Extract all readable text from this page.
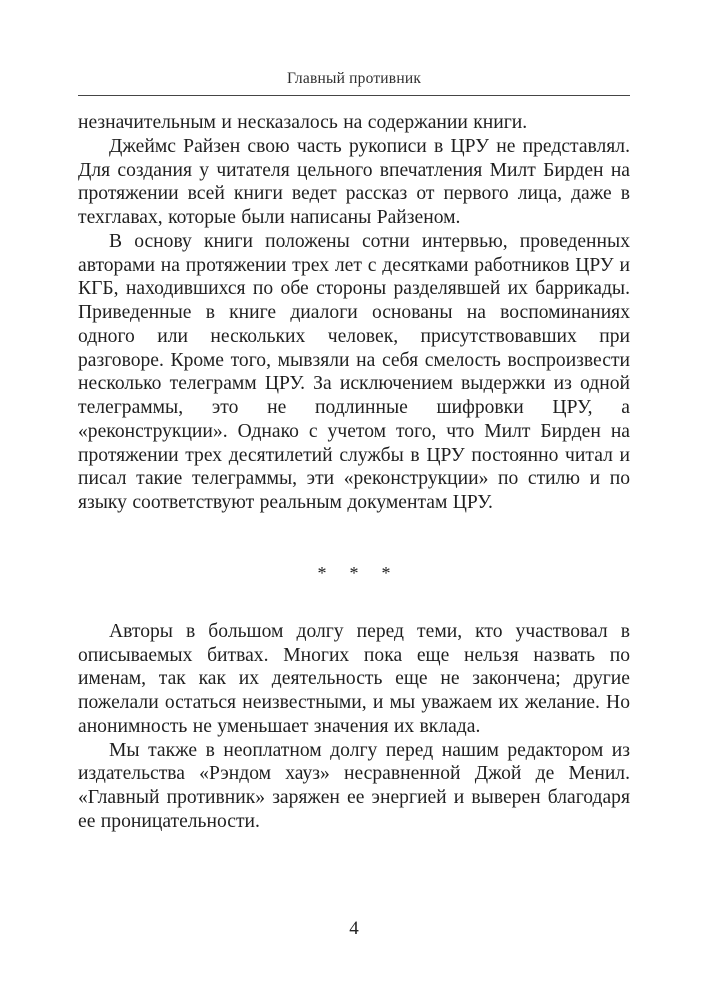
Главный противник

незначительным и несказалось на содержании книги.

Джеймс Райзен свою часть рукописи в ЦРУ не представлял. Для создания у читателя цельного впечатления Милт Бирден на протяжении всей книги ведет рассказ от первого лица, даже в техглавах, которые были написаны Райзеном.

В основу книги положены сотни интервью, проведенных авторами на протяжении трех лет с десятками работников ЦРУ и КГБ, находившихся по обе стороны разделявшей их баррикады. Приведенные в книге диалоги основаны на воспоминаниях одного или нескольких человек, присутствовавших при разговоре. Кроме того, мывзяли на себя смелость воспроизвести несколько телеграмм ЦРУ. За исключением выдержки из одной телеграммы, это не подлинные шифровки ЦРУ, а «реконструкции». Однако с учетом того, что Милт Бирден на протяжении трех десятилетий службы в ЦРУ постоянно читал и писал такие телеграммы, эти «реконструкции» по стилю и по языку соответствуют реальным документам ЦРУ.

* * *

Авторы в большом долгу перед теми, кто участвовал в описываемых битвах. Многих пока еще нельзя назвать по именам, так как их деятельность еще не закончена; другие пожелали остаться неизвестными, и мы уважаем их желание. Но анонимность не уменьшает значения их вклада.

Мы также в неоплатном долгу перед нашим редактором из издательства «Рэндом хауз» несравненной Джой де Менил. «Главный противник» заряжен ее энергией и выверен благодаря ее проницательности.

4
